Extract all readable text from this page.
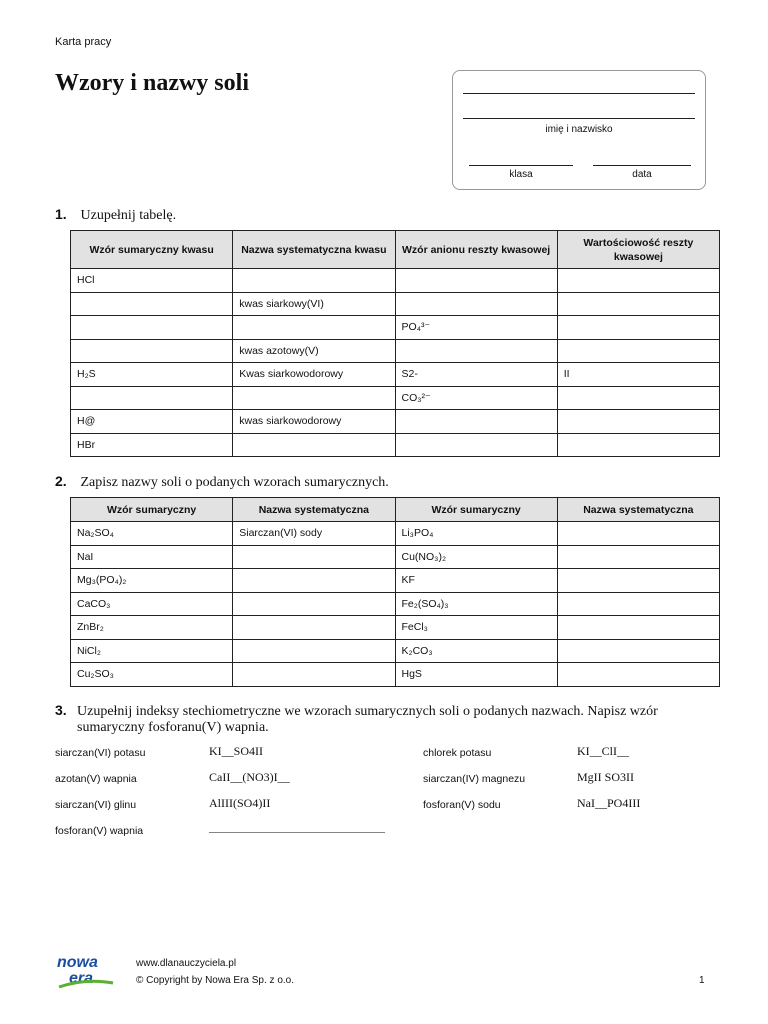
Karta pracy
Wzory i nazwy soli
imię i nazwisko
klasa	data
1. Uzupełnij tabelę.
Wzór sumaryczny kwasu	Nazwa systematyczna kwasu	Wzór anionu reszty kwasowej	Wartościowość reszty kwasowej
HCl			
	kwas siarkowy(VI)		
		PO₄³⁻	
	kwas azotowy(V)		
H₂S	Kwas siarkowodorowy	S2-	II
		CO₃²⁻	
H@	kwas siarkowodorowy		
HBr			
2. Zapisz nazwy soli o podanych wzorach sumarycznych.
Wzór sumaryczny	Nazwa systematyczna	Wzór sumaryczny	Nazwa systematyczna
Na₂SO₄	Siarczan(VI) sody	Li₃PO₄	
NaI		Cu(NO₃)₂	
Mg₃(PO₄)₂		KF	
CaCO₃		Fe₂(SO₄)₃	
ZnBr₂		FeCl₃	
NiCl₂		K₂CO₃	
Cu₂SO₃		HgS	
3. Uzupełnij indeksy stechiometryczne we wzorach sumarycznych soli o podanych nazwach. Napisz wzór
sumaryczny fosforanu(V) wapnia.
siarczan(VI) potasu	KI__SO4II
azotan(V) wapnia	CaII__(NO3)I__
siarczan(VI) glinu	AlIII(SO4)II
fosforan(V) wapnia	________________________________
chlorek potasu	KI__ClI__
siarczan(IV) magnezu	MgII SO3II
fosforan(V) sodu	NaI__PO4III
nowa
era
www.dlanauczyciela.pl
© Copyright by Nowa Era Sp. z o.o.	1
